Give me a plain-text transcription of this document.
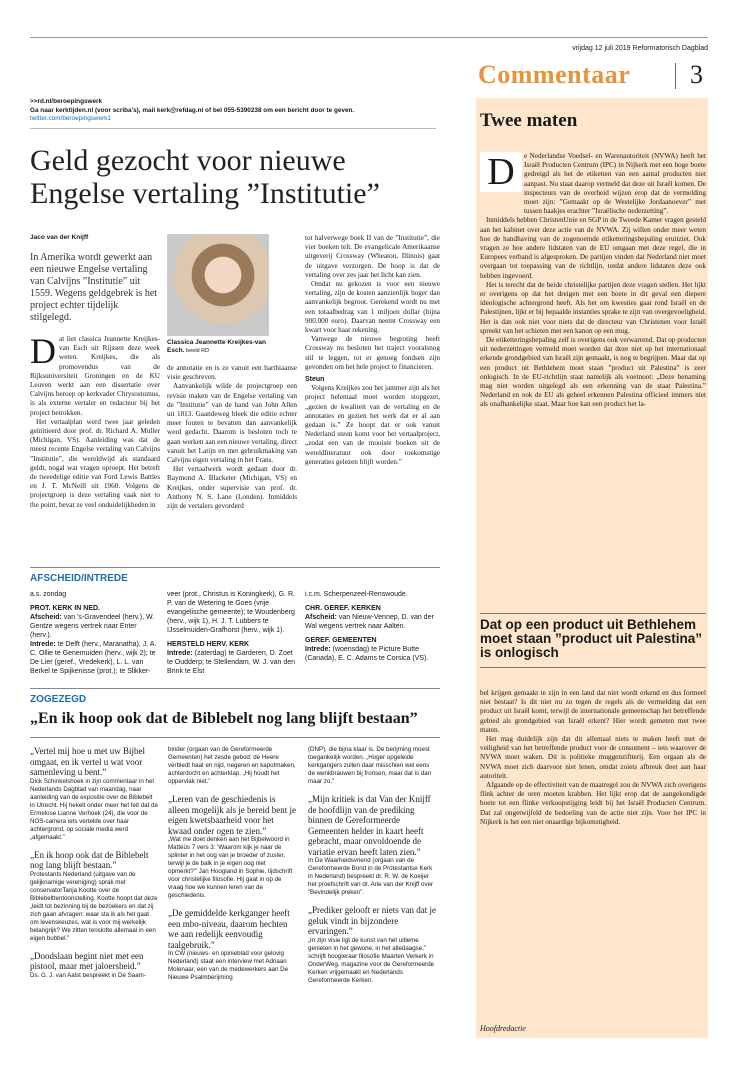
vrijdag 12 juli 2019 Reformatorisch Dagblad
Commentaar 3
>>rd.nl/beroepingswerk
Ga naar kerktijden.nl (voor scriba's), mail kerk@refdag.nl of bel 055-5390238 om een bericht door te geven.
twitter.com/beroepingswerk1
Geld gezocht voor nieuwe Engelse vertaling ”Institutie”
Jaco van der Knijff
In Amerika wordt gewerkt aan een nieuwe Engelse vertaling van Calvijns ”Institutie” uit 1559. Wegens geldgebrek is het project echter tijdelijk stilgelegd.
Classica Jeannette Kreijkes-van Esch. beeld RD
D at liet classica Jeannette Kreijkes-van Esch uit Rijssen deze week weten. Kreijkes, die als promovendus van de Rijksuniversiteit Groningen en de KU Leuven werkt aan een dissertatie over Calvijns beroep op kerkvader Chrysostomus, is als externe vertaler en redacteur bij het project betrokken.

Het vertaalplan werd twee jaar geleden geïnitieerd door prof. dr. Richard A. Muller (Michigan, VS). Aanleiding was dat de meest recente Engelse vertaling van Calvijns ”Institutie”, die wereldwijd als standaard geldt, nogal wat vragen oproept. Het betreft de tweedelige editie van Ford Lewis Battles en J. T. McNeill uit 1960. Volgens de projectgroep is deze vertaling vaak niet to the point, bevat ze veel onduidelijkheden in

de annotatie en is ze vanuit een barthiaanse visie geschreven.

Aanvankelijk wilde de projectgroep een revisie maken van de Engelse vertaling van de ”Institutie” van de hand van John Allen uit 1813. Gaandeweg bleek die editie echter meer fouten te bevatten dan aanvankelijk werd gedacht. Daarom is besloten toch te gaan werken aan een nieuwe vertaling, direct vanuit het Latijn en met gebruikmaking van Calvijns eigen vertaling in het Frans.

Het vertaalwerk wordt gedaan door dr. Raymond A. Blacketer (Michigan, VS) en Kreijkes, onder supervisie van prof. dr. Anthony N. S. Lane (Londen). Inmiddels zijn de vertalers gevorderd

tot halverwege boek II van de ”Institutie”, die vier boeken telt. De evangelicale Amerikaanse uitgeverij Crossway (Wheaton, Illinois) gaat de uitgave verzorgen. De hoop is dat de vertaling over zes jaar het licht kan zien.

Omdat nu gekozen is voor een nieuwe vertaling, zijn de kosten aanzienlijk hoger dan aanvankelijk begroot. Gerekend wordt nu met een totaalbedrag van 1 miljoen dollar (bijna 900.000 euro). Daarvan neemt Crossway een kwart voor haar rekening.

Vanwege de nieuwe begroting heeft Crossway nu besloten het traject vooralsnog stil te leggen, tot er genoeg fondsen zijn gevonden om het hele project te financieren.

Steun

Volgens Kreijkes zou het jammer zijn als het project helemaal moet worden stopgezet, „gezien de kwaliteit van de vertaling en de annotaties en gezien het werk dat er al aan gedaan is.” Ze hoopt dat er ook vanuit Nederland steun komt voor het vertaalproject, „zodat een van de mooiste boeken uit de wereldliteratuur ook door toekomstige generaties gelezen blijft worden.”

AFSCHEID/INTREDE
a.s. zondag
PROT. KERK IN NED.
Afscheid: van 's-Gravendeel (herv.), W. Gentze wegens vertrek naar Enter (herv.).
Intrede: te Delft (herv., Maranatha), J. A. C. Ollie te Genemuiden (herv., wijk 2); te De Lier (geref., Vredekerk), L. L. van Berkel te Spijkenisse (prot.); te Slikker-
veer (prot., Christus is Koningkerk), G. R. P. van de Wetering te Goes (vrije evangelische gemeente); te Woudenberg (herv., wijk 1), H. J. T. Lubbers te IJsselmuiden-Grafhorst (herv., wijk 1).
HERSTELD HERV. KERK
Intrede: (zaterdag) te Garderen, D. Zoet te Oudderp; te Stellendam, W. J. van den Brink te Elst
i.c.m. Scherpenzeel-Renswoude.
CHR. GEREF. KERKEN
Afscheid: van Nieuw-Vennep, D. van der Wal wegens vertrek naar Aalten.
GEREF. GEMEENTEN
Intrede: (woensdag) te Picture Butte (Canada), E. C. Adams te Corsica (VS).
ZOGEZEGD
„En ik hoop ook dat de Biblebelt nog lang blijft bestaan”
„Vertel mij hoe u met uw Bijbel omgaat, en ik vertel u wat voor samenleving u bent.”
Dick Schinkelshoek in zijn commentaar in het Nederlands Dagblad van maandag, naar aanleiding van de expositie over de Biblebelt in Utrecht. Hij hekelt onder meer het feit dat de Ermelose Lianne Verhoek (24), die voor de NOS-camera iets vertelde over haar achtergrond, op sociale media werd „afgemaakt.”
„En ik hoop ook dat de Biblebelt nog lang blijft bestaan.”
Protestants Nederland (uitgave van de gelijknamige vereniging) sprak met conservatorTanja Kootte over de Biblebelttentoonstelling. Kootte hoopt dat deze „leidt tot bezinning bij de bezoekers en dat zij zich gaan afvragen: waar sta ik als het gaat om levenskeuzes, wat is voor mij werkelijk belangrijk? We zitten tenslotte allemaal in een eigen bubbel.”
„Doodslaan begint niet met een pistool, maar met jaloersheid.”
Ds. G. J. van Aalst bespreekt in De Saam-
binder (orgaan van de Gereformeerde Gemeenten) het zesde gebod: de Heere verbiedt haat en nijd, negeren en kapotmaken, achterdocht en achterklap. „Hij houdt het oppervlak niet.”
„Leren van de geschiedenis is alleen mogelijk als je bereid bent je eigen kwetsbaarheid voor het kwaad onder ogen te zien.”
„Wat me doet denken aan het Bijbelwoord in Mattéüs 7 vers 3: 'Waarom kijk je naar de splinter in het oog van je broeder of zuster, terwijl je de balk in je eigen oog niet opmerkt?'” Jan Hoogland in Sophie, tijdschrift voor christelijke filosofie. Hij gaat in op de vraag hoe we kunnen leren van de geschiedenis.
„De gemiddelde kerkganger heeft een mbo-niveau, daarom hechten we aan redelijk eenvoudig taalgebruik.”
In CW (nieuws- en opinieblad voor gelovig Nederland) staat een interview met Adriaan Molenaar, een van de medewerkers aan De Nieuwe Psalmberijming
(DNP), die bijna klaar is. De berijming moest toegankelijk worden. „Hoger opgeleide kerkgangers zullen daar misschien wel eens de wenkbrauwen bij fronsen, maar dat is dan maar zo.”
„Mijn kritiek is dat Van der Knijff de hoofdlijn van de prediking binnen de Gereformeerde Gemeenten helder in kaart heeft gebracht, maar onvoldoende de variatie ervan heeft laten zien.”
In De Waarheidsvriend (orgaan van de Gereformeerde Bond in de Protestantse Kerk in Nederland) bespreekt dr. R. W. de Koeijer het proefschrift van dr. Arie van der Knijff over ”Bevindelijk preken”.
„Prediker gelooft er niets van dat je geluk vindt in bijzondere ervaringen.”
„In zijn visie ligt de kunst van het uitleme genieten in het gewone, in het alledaagse,” schrijft hoogleraar filosofie Maarten Verkerk in OnderWeg, magazine voor de Gereformeerde Kerken vrijgemaakt en Nederlands Gereformeerde Kerken.
Twee maten
D	e Nederlandse Voedsel- en Warenautoriteit (NVWA) heeft het Israël Producten Centrum (IPC) in Nijkerk met een hoge boete gedreigd als het de etiketten van een aantal producten niet aanpast. Nu staat daarop vermeld dat deze uit Israël komen. De inspecteurs van de overheid wijzen erop dat de vermelding moet zijn: ”Gemaakt op de Westelijke Jordaanoever” met tussen haakjes erachter ”Israëlische nederzetting”.

Inmiddels hebben ChristenUnie en SGP in de Tweede Kamer vragen gesteld aan het kabinet over deze actie van de NVWA. Zij willen onder meer weten hoe de handhaving van de zogenoemde etiketteringsbepaling eruitziet. Ook vragen ze hoe andere lidstaten van de EU omgaan met deze regel, die in Europees verband is afgesproken. De partijen vinden dat Nederland niet moet overgaan tot toepassing van de richtlijn, totdat andere lidstaten deze ook hebben ingevoerd.

Het is terecht dat de beide christelijke partijen deze vragen stellen. Het lijkt er overigens op dat het dreigen met een boete in dit geval een diepere ideologische achtergrond heeft. Als het om kwesties gaat rond Israël en de Palestijnen, lijkt er bij bepaalde instanties sprake te zijn van overgevoeligheid. Het is dan ook niet voor niets dat de directeur van Christenen voor Israël spreekt van het schieten met een kanon op een mug.

De etiketteringsbepaling zelf is overigens ook verwarrend. Dat op producten uit nederzettingen vermeld moet worden dat deze niet op het internationaal erkende grondgebied van Israël zijn gemaakt, is nog te begrijpen. Maar dat op een product uit Bethlehem moet staan ”product uit Palestina” is zeer onlogisch. In de EU-richtlijn staat namelijk als voetnoot: „Deze benaming mag niet worden uitgelegd als een erkenning van de staat Palestina.” Nederland en ook de EU als geheel erkennen Palestina officieel immers niet als onafhankelijke staat. Maar hoe kan een product het la-

Dat op een product uit Bethlehem moet staan ”product uit Palestina” is onlogisch

bel krijgen gemaakt te zijn in een land dat niet wordt erkend en dus formeel niet bestaat? Is dit niet nu zo tegen de regels als de vermelding dat een product uit Israël komt, terwijl de internationale gemeenschap het betreffende gebied als grondgebied van Israël erkent? Hier wordt gemeten met twee maten.

Het mag duidelijk zijn dat dit allemaal niets te maken heeft met de veiligheid van het betreffende product voor de consument – iets waarover de NVWA moet waken. Dit is politieke muggenziftterij. Een orgaan als de NVWA moet zich daarvoor niet lenen, omdat zoiets afbreuk doet aan haar autoriteit.

Afgaande op de effectiviteit van de maatregel zou de NVWA zich overigens flink achter de oren moeten krabben. Het lijkt erop dat de aangekondigde boete tot een flinke verkoopstijging leidt bij het Israël Producten Centrum. Dat zal ongetwijfeld de bedoeling van de actie niet zijn. Voor het IPC in Nijkerk is het een niet onaardige bijkomstigheid.

Hoofdredactie
